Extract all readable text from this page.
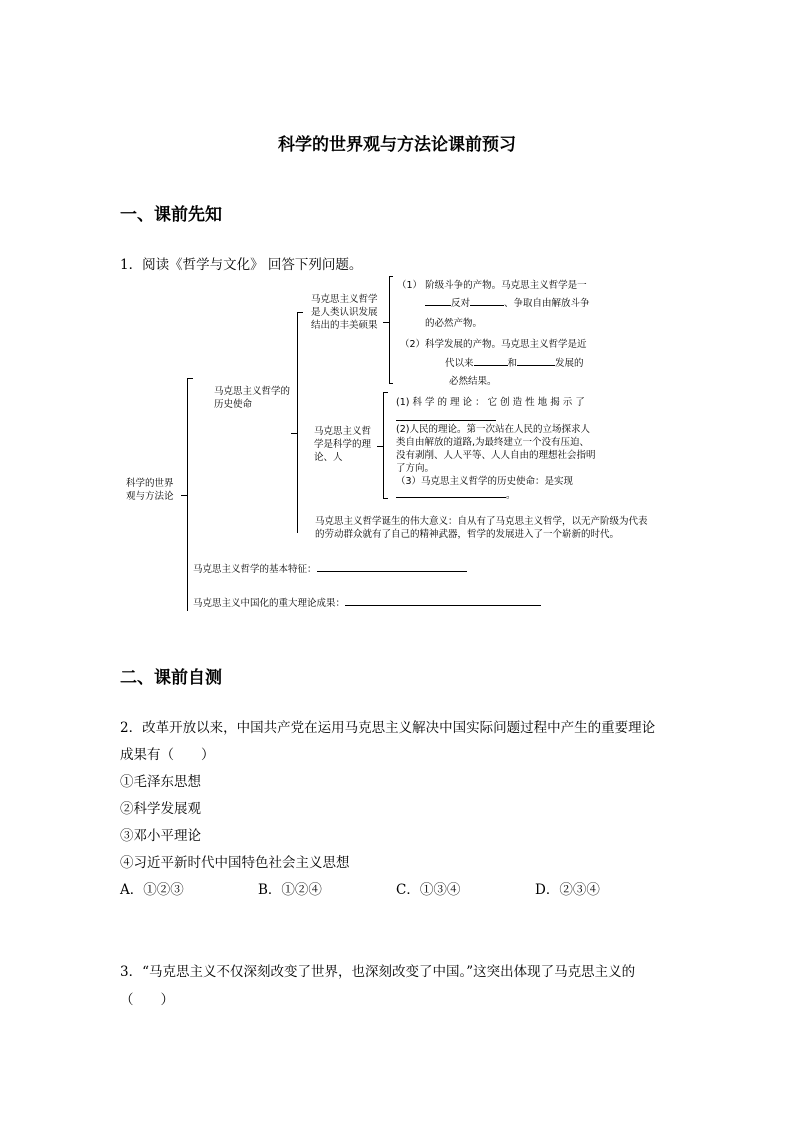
科学的世界观与方法论课前预习
一、课前先知
1．阅读《哲学与文化》 回答下列问题。
科学的世界观与方法论
马克思主义哲学的历史使命
马克思主义哲学是人类认识发展结出的丰美硕果
（1） 阶级斗争的产物。马克思主义哲学是一
反对	、争取自由解放斗争
的必然产物。
（2）科学发展的产物。马克思主义哲学是近
代以来	和	发展的
必然结果。
马克思主义哲学是科学的理论、人
(1) 科 学 的 理 论 ： 它 创 造 性 地 揭 示 了
(2)人民的理论。第一次站在人民的立场探求人类自由解放的道路,为最终建立一个没有压迫、没有剥削、人人平等、人人自由的理想社会指明了方向。
（3）马克思主义哲学的历史使命：是实现
。
马克思主义哲学诞生的伟大意义：自从有了马克思主义哲学，以无产阶级为代表的劳动群众就有了自己的精神武器，哲学的发展进入了一个崭新的时代。
马克思主义哲学的基本特征：
马克思主义中国化的重大理论成果：
二、课前自测
2．改革开放以来，中国共产党在运用马克思主义解决中国实际问题过程中产生的重要理论
成果有（　　）
①毛泽东思想
②科学发展观
③邓小平理论
④习近平新时代中国特色社会主义思想
A．①②③	B．①②④	C．①③④	D．②③④
3．“马克思主义不仅深刻改变了世界，也深刻改变了中国。”这突出体现了马克思主义的
（　　）
